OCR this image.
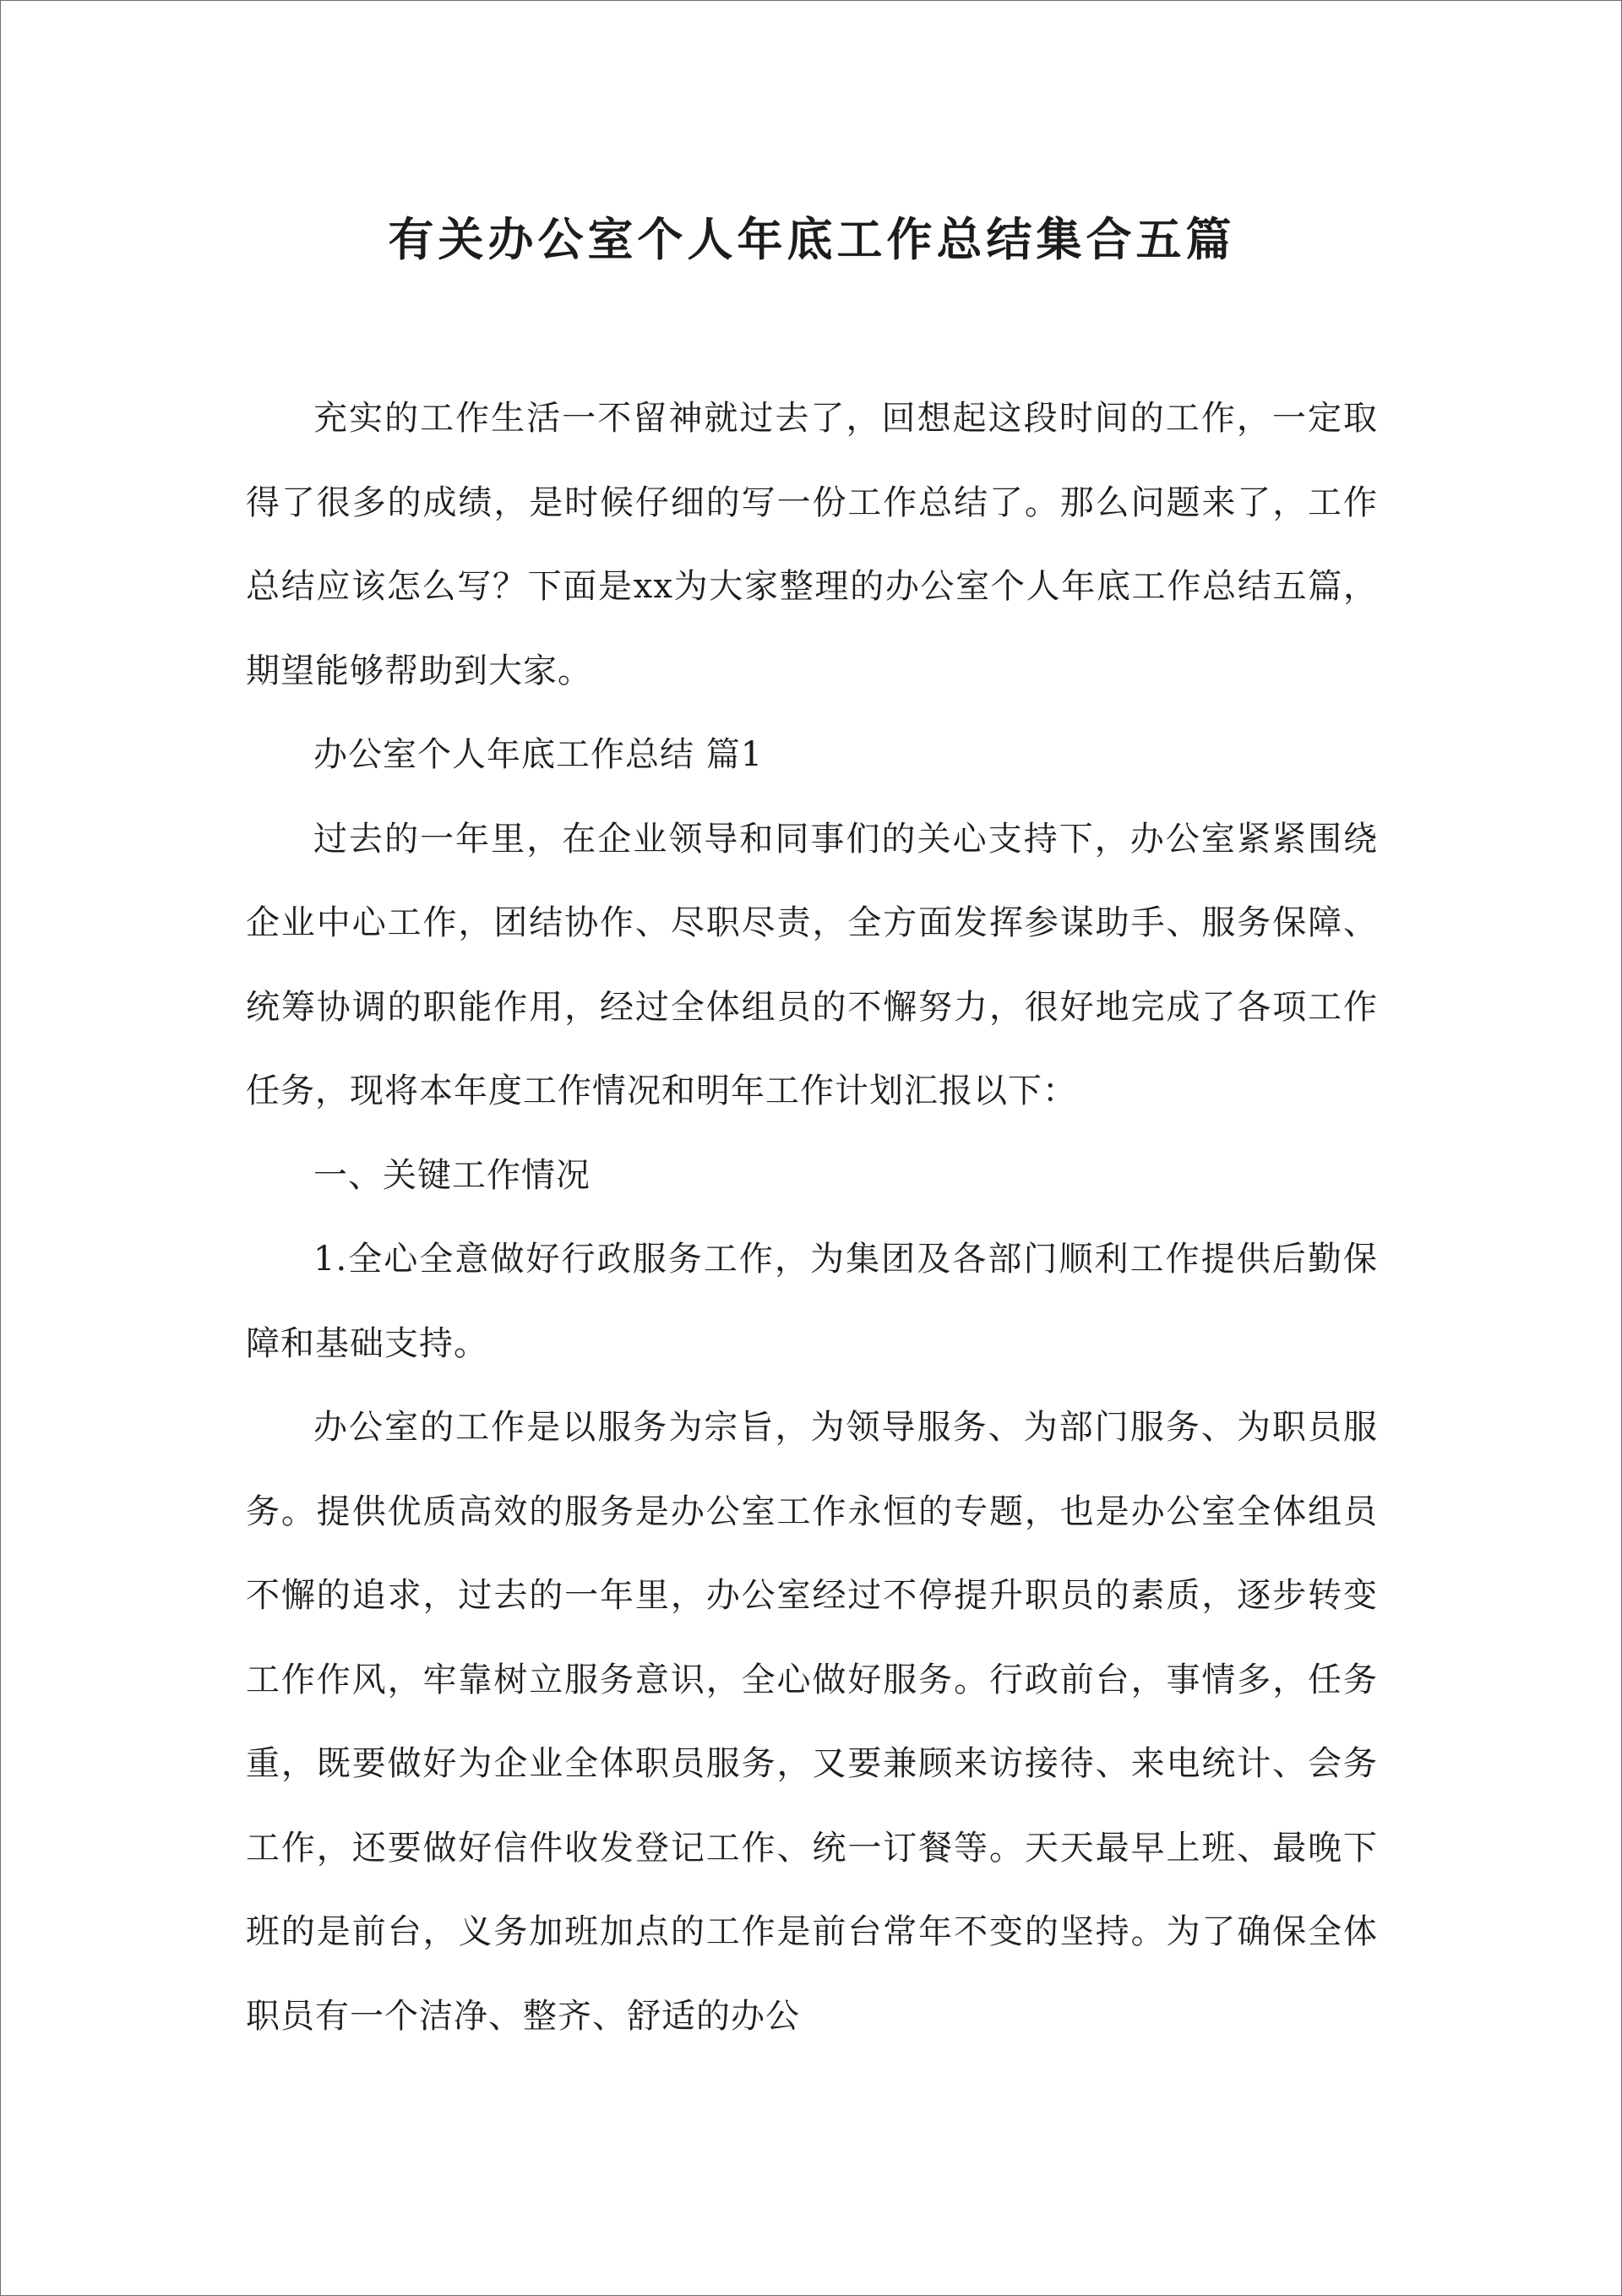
有关办公室个人年底工作总结集合五篇

充实的工作生活一不留神就过去了，回想起这段时间的工作，一定取得了很多的成绩，是时候仔细的写一份工作总结了。那么问题来了，工作总结应该怎么写？下面是xx为大家整理的办公室个人年底工作总结五篇，期望能够帮助到大家。

办公室个人年底工作总结 篇1

过去的一年里，在企业领导和同事们的关心支持下，办公室紧紧围绕企业中心工作，团结协作、尽职尽责，全方面发挥参谋助手、服务保障、统筹协调的职能作用，经过全体组员的不懈努力，很好地完成了各项工作任务，现将本年度工作情况和明年工作计划汇报以下：

一、关键工作情况

1.全心全意做好行政服务工作，为集团及各部门顺利工作提供后勤保障和基础支持。

办公室的工作是以服务为宗旨，为领导服务、为部门服务、为职员服务。提供优质高效的服务是办公室工作永恒的专题，也是办公室全体组员不懈的追求，过去的一年里，办公室经过不停提升职员的素质，逐步转变工作作风，牢靠树立服务意识，全心做好服务。行政前台，事情多，任务重，既要做好为企业全体职员服务，又要兼顾来访接待、来电统计、会务工作，还要做好信件收发登记工作、统一订餐等。天天最早上班、最晚下班的是前台，义务加班加点的工作是前台常年不变的坚持。为了确保全体职员有一个洁净、整齐、舒适的办公
